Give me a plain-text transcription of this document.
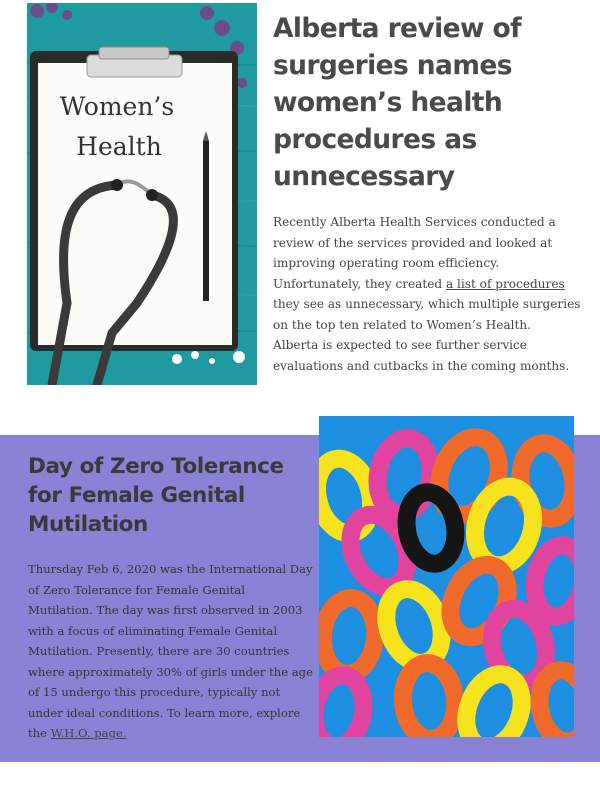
Women’s
Health
Alberta review of surgeries names women’s health procedures as unnecessary

Recently Alberta Health Services conducted a review of the services provided and looked at improving operating room efficiency. Unfortunately, they created a list of procedures they see as unnecessary, which multiple surgeries on the top ten related to Women’s Health.

Alberta is expected to see further service evaluations and cutbacks in the coming months.

Day of Zero Tolerance for Female Genital Mutilation

Thursday Feb 6, 2020 was the International Day of Zero Tolerance for Female Genital Mutilation. The day was first observed in 2003 with a focus of eliminating Female Genital Mutilation. Presently, there are 30 countries where approximately 30% of girls under the age of 15 undergo this procedure, typically not under ideal conditions. To learn more, explore the W.H.O. page.
